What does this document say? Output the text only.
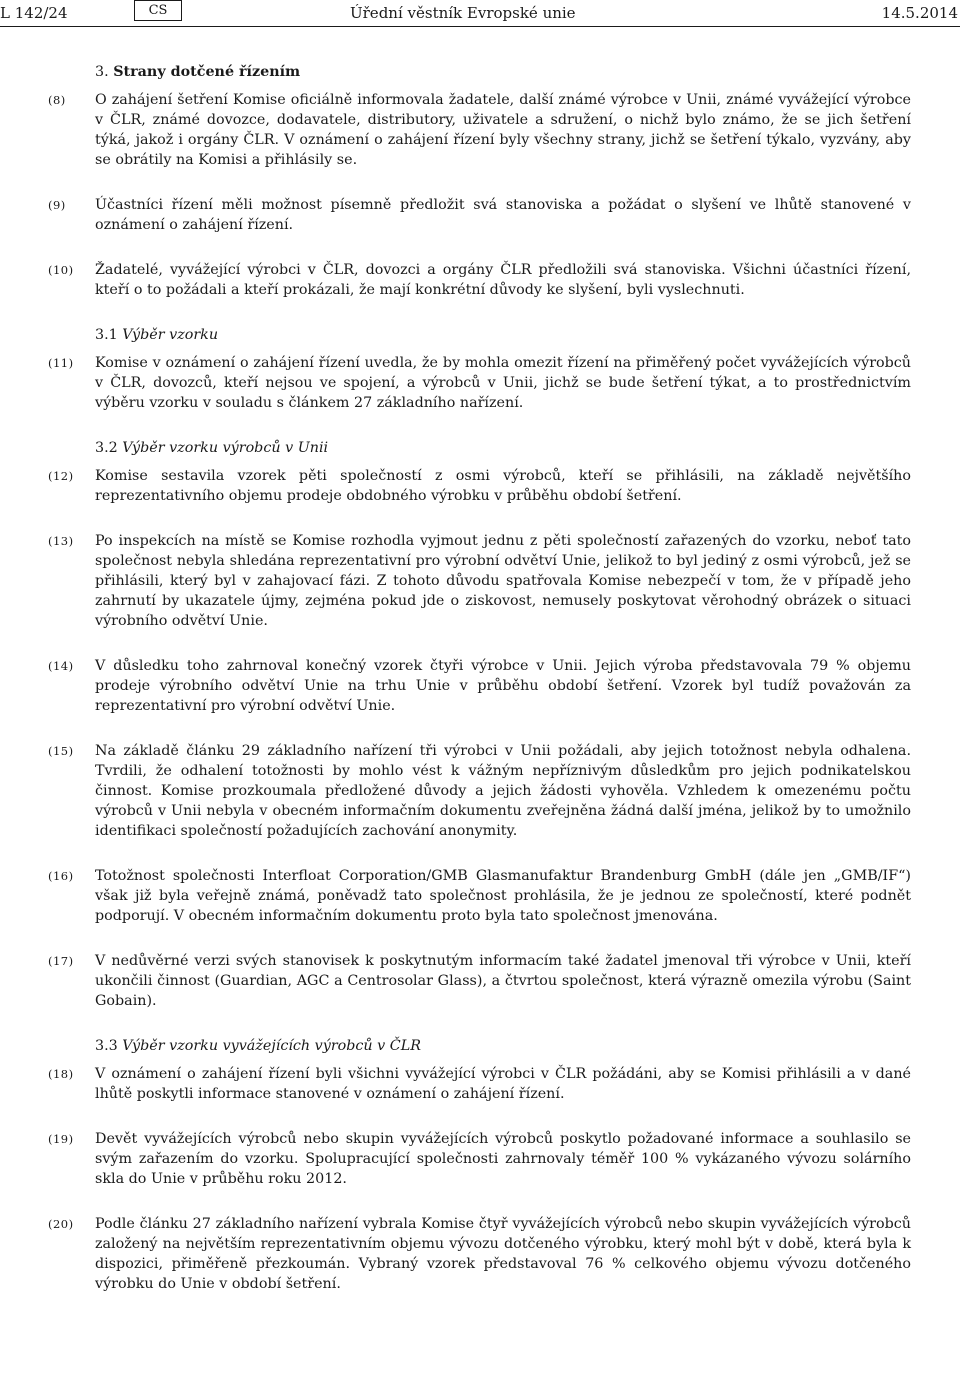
L 142/24	CS	Úřední věstník Evropské unie	14.5.2014
3. Strany dotčené řízením
(8) O zahájení šetření Komise oficiálně informovala žadatele, další známé výrobce v Unii, známé vyvážející výrobce v ČLR, známé dovozce, dodavatele, distributory, uživatele a sdružení, o nichž bylo známo, že se jich šetření týká, jakož i orgány ČLR. V oznámení o zahájení řízení byly všechny strany, jichž se šetření týkalo, vyzvány, aby se obrátily na Komisi a přihlásily se.
(9) Účastníci řízení měli možnost písemně předložit svá stanoviska a požádat o slyšení ve lhůtě stanovené v oznámení o zahájení řízení.
(10) Žadatelé, vyvážející výrobci v ČLR, dovozci a orgány ČLR předložili svá stanoviska. Všichni účastníci řízení, kteří o to požádali a kteří prokázali, že mají konkrétní důvody ke slyšení, byli vyslechnuti.
3.1 Výběr vzorku
(11) Komise v oznámení o zahájení řízení uvedla, že by mohla omezit řízení na přiměřený počet vyvážejících výrobců v ČLR, dovozců, kteří nejsou ve spojení, a výrobců v Unii, jichž se bude šetření týkat, a to prostřednictvím výběru vzorku v souladu s článkem 27 základního nařízení.
3.2 Výběr vzorku výrobců v Unii
(12) Komise sestavila vzorek pěti společností z osmi výrobců, kteří se přihlásili, na základě největšího reprezentativního objemu prodeje obdobného výrobku v průběhu období šetření.
(13) Po inspekcích na místě se Komise rozhodla vyjmout jednu z pěti společností zařazených do vzorku, neboť tato společnost nebyla shledána reprezentativní pro výrobní odvětví Unie, jelikož to byl jediný z osmi výrobců, jež se přihlásili, který byl v zahajovací fázi. Z tohoto důvodu spatřovala Komise nebezpečí v tom, že v případě jeho zahrnutí by ukazatele újmy, zejména pokud jde o ziskovost, nemusely poskytovat věrohodný obrázek o situaci výrobního odvětví Unie.
(14) V důsledku toho zahrnoval konečný vzorek čtyři výrobce v Unii. Jejich výroba představovala 79 % objemu prodeje výrobního odvětví Unie na trhu Unie v průběhu období šetření. Vzorek byl tudíž považován za reprezentativní pro výrobní odvětví Unie.
(15) Na základě článku 29 základního nařízení tři výrobci v Unii požádali, aby jejich totožnost nebyla odhalena. Tvrdili, že odhalení totožnosti by mohlo vést k vážným nepříznivým důsledkům pro jejich podnikatelskou činnost. Komise prozkoumala předložené důvody a jejich žádosti vyhověla. Vzhledem k omezenému počtu výrobců v Unii nebyla v obecném informačním dokumentu zveřejněna žádná další jména, jelikož by to umožnilo identifikaci společností požadujících zachování anonymity.
(16) Totožnost společnosti Interfloat Corporation/GMB Glasmanufaktur Brandenburg GmbH (dále jen „GMB/IF“) však již byla veřejně známá, poněvadž tato společnost prohlásila, že je jednou ze společností, které podnět podporují. V obecném informačním dokumentu proto byla tato společnost jmenována.
(17) V nedůvěrné verzi svých stanovisek k poskytnutým informacím také žadatel jmenoval tři výrobce v Unii, kteří ukončili činnost (Guardian, AGC a Centrosolar Glass), a čtvrtou společnost, která výrazně omezila výrobu (Saint Gobain).
3.3 Výběr vzorku vyvážejících výrobců v ČLR
(18) V oznámení o zahájení řízení byli všichni vyvážející výrobci v ČLR požádáni, aby se Komisi přihlásili a v dané lhůtě poskytli informace stanovené v oznámení o zahájení řízení.
(19) Devět vyvážejících výrobců nebo skupin vyvážejících výrobců poskytlo požadované informace a souhlasilo se svým zařazením do vzorku. Spolupracující společnosti zahrnovaly téměř 100 % vykázaného vývozu solárního skla do Unie v průběhu roku 2012.
(20) Podle článku 27 základního nařízení vybrala Komise čtyř vyvážejících výrobců nebo skupin vyvážejících výrobců založený na největším reprezentativním objemu vývozu dotčeného výrobku, který mohl být v době, která byla k dispozici, přiměřeně přezkoumán. Vybraný vzorek představoval 76 % celkového objemu vývozu dotčeného výrobku do Unie v období šetření.
